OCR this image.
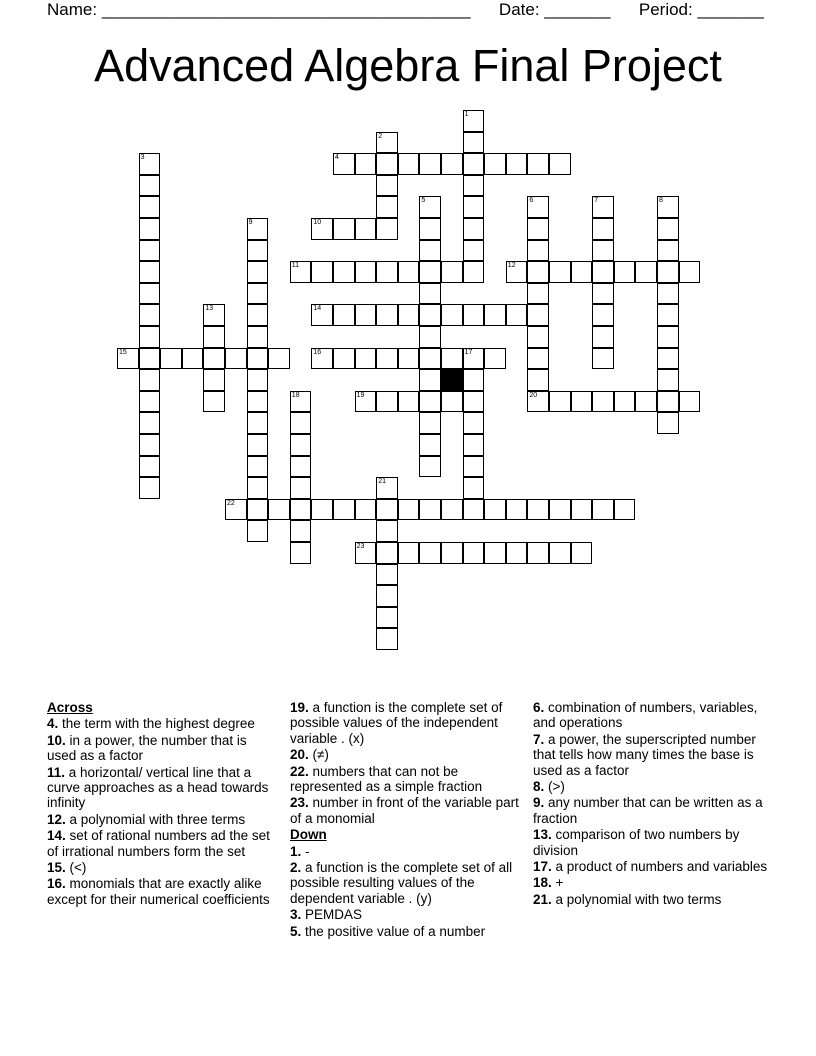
Name: _______________________________________ Date: _______ Period: _______
Advanced Algebra Final Project
1
2
3	4
5	6	7	8
9	10
11	12
13	14
15	16	17
18	19	20
21
22
23
Across
4. the term with the highest degree
10. in a power, the number that is used as a factor
11. a horizontal/ vertical line that a curve approaches as a head towards infinity
12. a polynomial with three terms
14. set of rational numbers ad the set of irrational numbers form the set
15. (<)
16. monomials that are exactly alike except for their numerical coefficients
19. a function is the complete set of possible values of the independent variable . (x)
20. (≠)
22. numbers that can not be represented as a simple fraction
23. number in front of the variable part of a monomial
Down
1. -
2. a function is the complete set of all possible resulting values of the dependent variable . (y)
3. PEMDAS
5. the positive value of a number
6. combination of numbers, variables, and operations
7. a power, the superscripted number that tells how many times the base is used as a factor
8. (>)
9. any number that can be written as a fraction
13. comparison of two numbers by division
17. a product of numbers and variables
18. +
21. a polynomial with two terms
